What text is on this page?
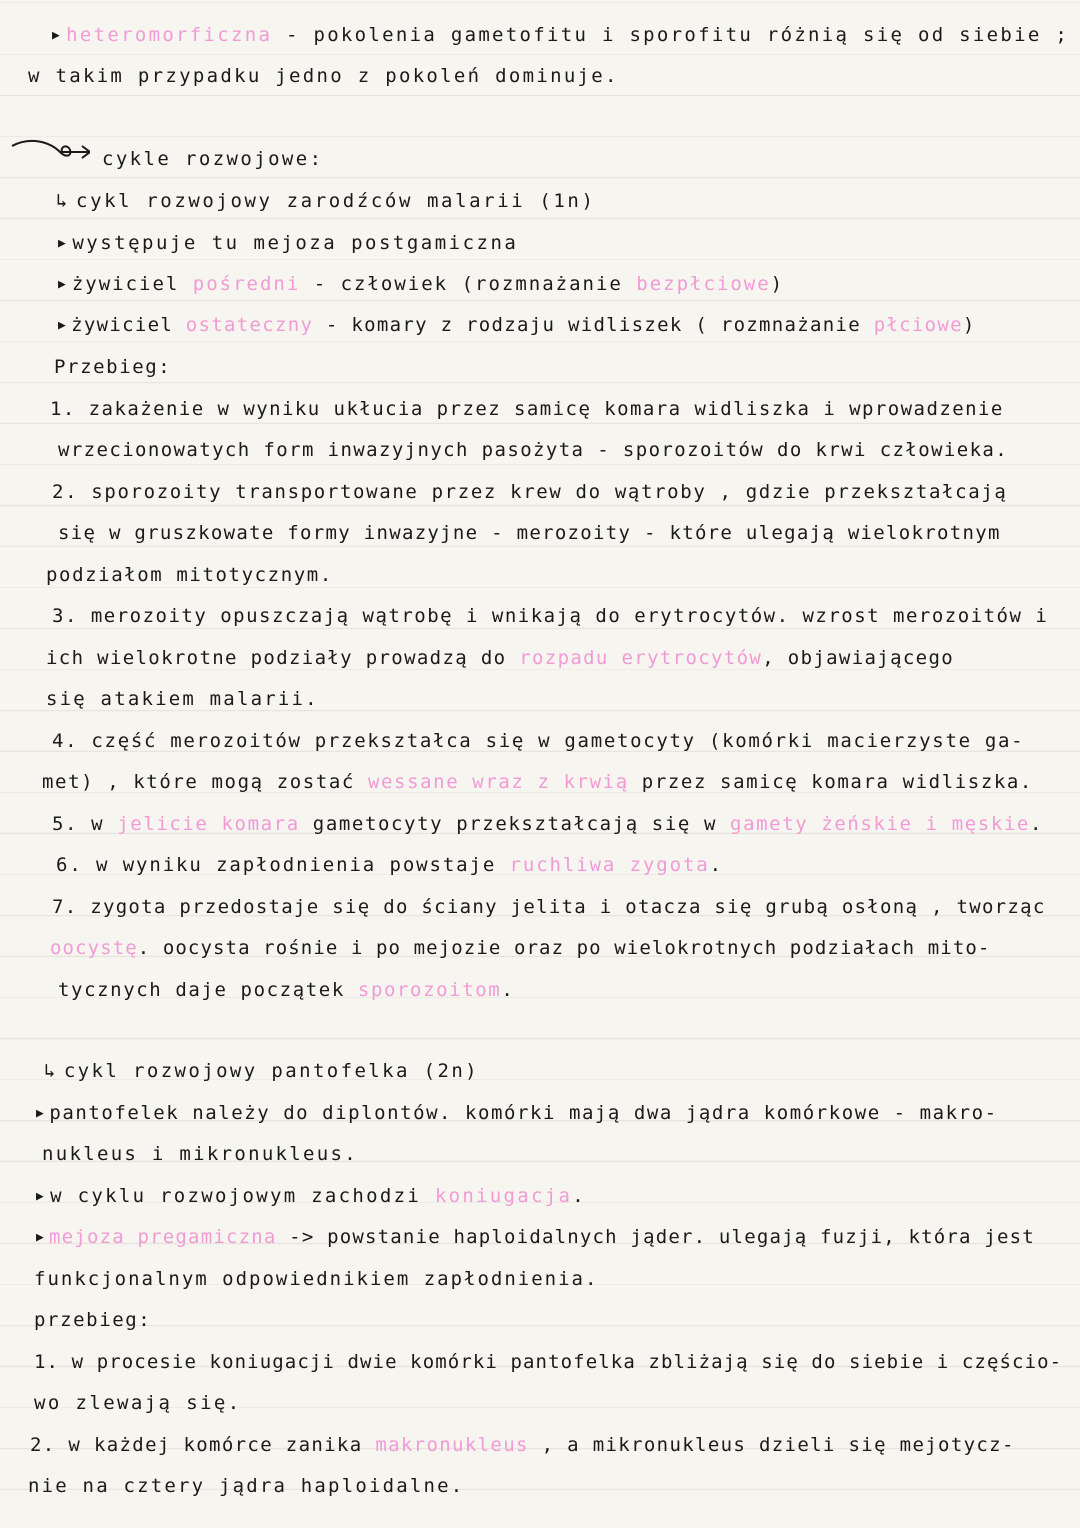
▶ heteromorficzna - pokolenia gametofitu i sporofitu różnią się od siebie ;
w takim przypadku jedno z pokoleń dominuje.
cykle rozwojowe:
↳ cykl rozwojowy zarodźców malarii (1n)
▶ występuje tu mejoza postgamiczna
▶ żywiciel pośredni - człowiek (rozmnażanie bezpłciowe)
▶ żywiciel ostateczny - komary z rodzaju widliszek ( rozmnażanie płciowe)
Przebieg:
1. zakażenie w wyniku ukłucia przez samicę komara widliszka i wprowadzenie
wrzecionowatych form inwazyjnych pasożyta - sporozoitów do krwi człowieka.
2. sporozoity transportowane przez krew do wątroby , gdzie przekształcają
się w gruszkowate formy inwazyjne - merozoity - które ulegają wielokrotnym
podziałom mitotycznym.
3. merozoity opuszczają wątrobę i wnikają do erytrocytów. wzrost merozoitów i
ich wielokrotne podziały prowadzą do rozpadu erytrocytów, objawiającego
się atakiem malarii.
4. część merozoitów przekształca się w gametocyty (komórki macierzyste ga-
met) , które mogą zostać wessane wraz z krwią przez samicę komara widliszka.
5. w jelicie komara gametocyty przekształcają się w gamety żeńskie i męskie.
6. w wyniku zapłodnienia powstaje ruchliwa zygota.
7. zygota przedostaje się do ściany jelita i otacza się grubą osłoną , tworząc
oocystę. oocysta rośnie i po mejozie oraz po wielokrotnych podziałach mito-
tycznych daje początek sporozoitom.
↳ cykl rozwojowy pantofelka (2n)
▶ pantofelek należy do diplontów. komórki mają dwa jądra komórkowe - makro-
nukleus i mikronukleus.
▶ w cyklu rozwojowym zachodzi koniugacja.
▶ mejoza pregamiczna -> powstanie haploidalnych jąder. ulegają fuzji, która jest
funkcjonalnym odpowiednikiem zapłodnienia.
przebieg:
1. w procesie koniugacji dwie komórki pantofelka zbliżają się do siebie i częścio-
wo zlewają się.
2. w każdej komórce zanika makronukleus , a mikronukleus dzieli się mejotycz-
nie na cztery jądra haploidalne.
